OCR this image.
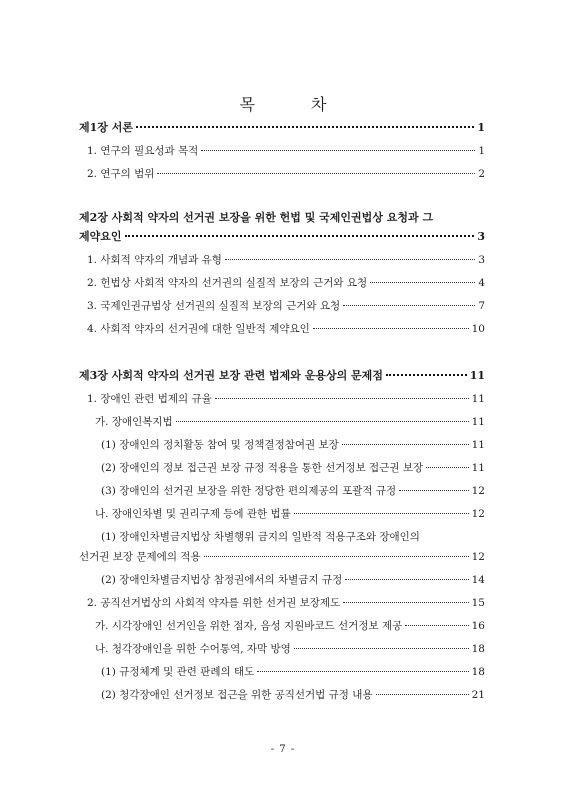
목	차
제1장 서론	1
1. 연구의 필요성과 목적	1
2. 연구의 범위	2
제2장 사회적 약자의 선거권 보장을 위한 헌법 및 국제인권법상 요청과 그
제약요인	3
1. 사회적 약자의 개념과 유형	3
2. 헌법상 사회적 약자의 선거권의 실질적 보장의 근거와 요청	4
3. 국제인권규범상 선거권의 실질적 보장의 근거와 요청	7
4. 사회적 약자의 선거권에 대한 일반적 제약요인	10
제3장 사회적 약자의 선거권 보장 관련 법제와 운용상의 문제점	11
1. 장애인 관련 법제의 규율	11
가. 장애인복지법	11
(1) 장애인의 정치활동 참여 및 정책결정참여권 보장	11
(2) 장애인의 정보 접근권 보장 규정 적용을 통한 선거정보 접근권 보장	11
(3) 장애인의 선거권 보장을 위한 정당한 편의제공의 포괄적 규정	12
나. 장애인차별 및 권리구제 등에 관한 법률	12
(1) 장애인차별금지법상 차별행위 금지의 일반적 적용구조와 장애인의
선거권 보장 문제에의 적용	12
(2) 장애인차별금지법상 참정권에서의 차별금지 규정	14
2. 공직선거법상의 사회적 약자를 위한 선거권 보장제도	15
가. 시각장애인 선거인을 위한 점자, 음성 지원바코드 선거정보 제공	16
나. 청각장애인을 위한 수어통역, 자막 방영	18
(1) 규정체계 및 관련 판례의 태도	18
(2) 청각장애인 선거정보 접근을 위한 공직선거법 규정 내용	21
- 7 -
